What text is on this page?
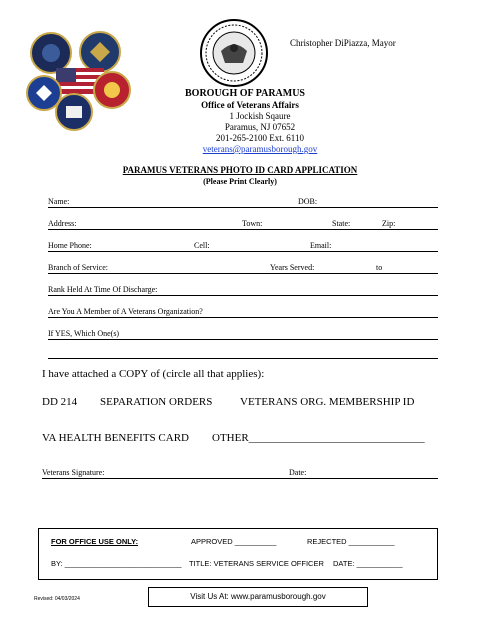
Christopher DiPiazza, Mayor
BOROUGH OF PARAMUS
Office of Veterans Affairs
1 Jockish Sqaure
Paramus, NJ 07652
201-265-2100 Ext. 6110
veterans@paramusborough.gov
PARAMUS VETERANS PHOTO ID CARD APPLICATION
(Please Print Clearly)
Name:	DOB:
Address:	Town:	State:	Zip:
Home Phone:	Cell:	Email:
Branch of Service:	Years Served:	to
Rank Held At Time Of Discharge:
Are You A Member of A Veterans Organization?
If YES, Which One(s)
I have attached a COPY of (circle all that applies):
DD 214 SEPARATION ORDERS	VETERANS ORG. MEMBERSHIP ID
VA HEALTH BENEFITS CARD OTHER________________________________
Veterans Signature:	Date:
FOR OFFICE USE ONLY:	APPROVED __________	REJECTED ___________
BY: ____________________________ TITLE: VETERANS SERVICE OFFICER DATE: ___________
Revised: 04/03/2024	Visit Us At: www.paramusborough.gov
